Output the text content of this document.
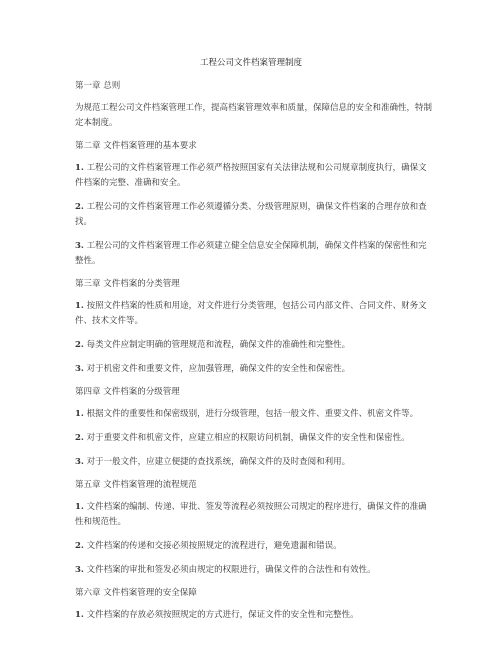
工程公司文件档案管理制度
第一章 总则
为规范工程公司文件档案管理工作，提高档案管理效率和质量，保障信息的安全和准确性，特制定本制度。
第二章 文件档案管理的基本要求
1. 工程公司的文件档案管理工作必须严格按照国家有关法律法规和公司规章制度执行，确保文件档案的完整、准确和安全。
2. 工程公司的文件档案管理工作必须遵循分类、分级管理原则，确保文件档案的合理存放和查找。
3. 工程公司的文件档案管理工作必须建立健全信息安全保障机制，确保文件档案的保密性和完整性。
第三章 文件档案的分类管理
1. 按照文件档案的性质和用途，对文件进行分类管理，包括公司内部文件、合同文件、财务文件、技术文件等。
2. 每类文件应制定明确的管理规范和流程，确保文件的准确性和完整性。
3. 对于机密文件和重要文件，应加强管理，确保文件的安全性和保密性。
第四章 文件档案的分级管理
1. 根据文件的重要性和保密级别，进行分级管理，包括一般文件、重要文件、机密文件等。
2. 对于重要文件和机密文件，应建立相应的权限访问机制，确保文件的安全性和保密性。
3. 对于一般文件，应建立便捷的查找系统，确保文件的及时查阅和利用。
第五章 文件档案管理的流程规范
1. 文件档案的编制、传递、审批、签发等流程必须按照公司规定的程序进行，确保文件的准确性和规范性。
2. 文件档案的传递和交接必须按照规定的流程进行，避免遗漏和错误。
3. 文件档案的审批和签发必须由规定的权限进行，确保文件的合法性和有效性。
第六章 文件档案管理的安全保障
1. 文件档案的存放必须按照规定的方式进行，保证文件的安全性和完整性。
